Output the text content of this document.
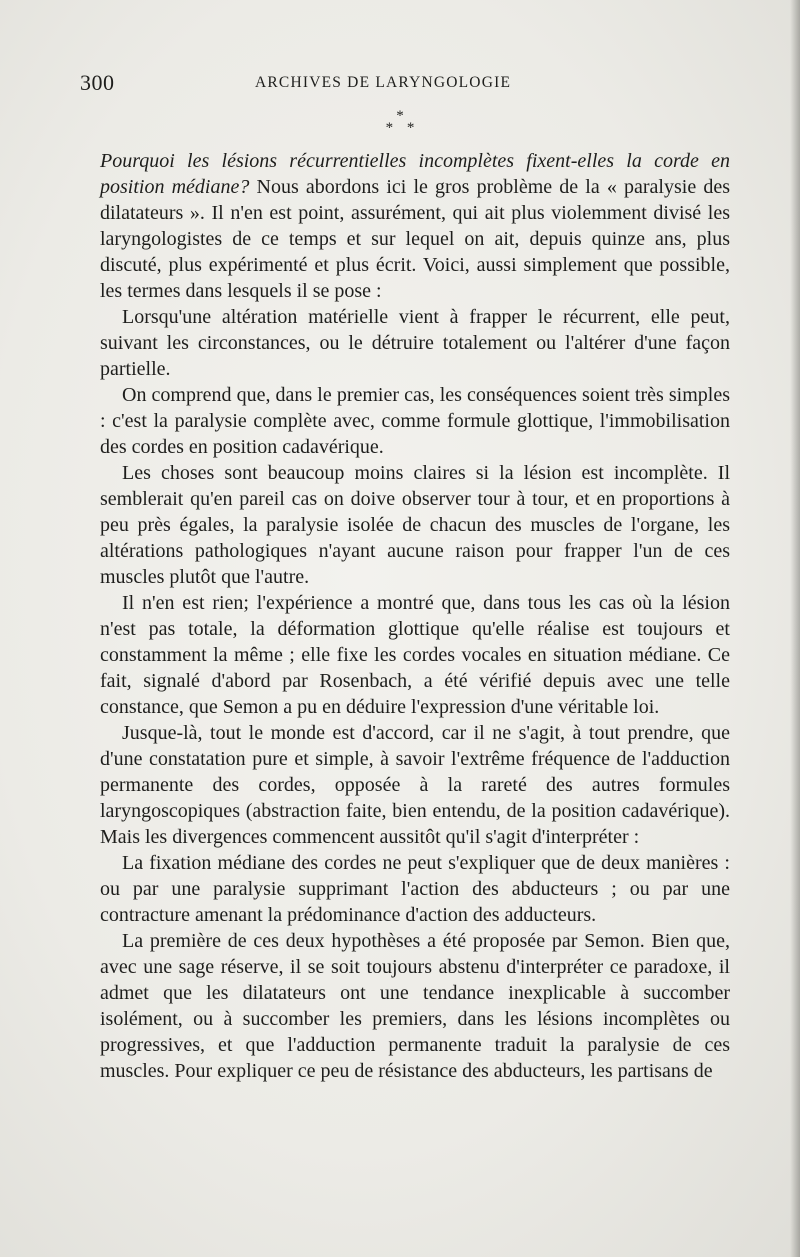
300	ARCHIVES DE LARYNGOLOGIE
*
* *

Pourquoi les lésions récurrentielles incomplètes fixent-elles la corde en position médiane? Nous abordons ici le gros problème de la « paralysie des dilatateurs ». Il n'en est point, assurément, qui ait plus violemment divisé les laryngologistes de ce temps et sur lequel on ait, depuis quinze ans, plus discuté, plus expérimenté et plus écrit. Voici, aussi simplement que possible, les termes dans lesquels il se pose :

Lorsqu'une altération matérielle vient à frapper le récurrent, elle peut, suivant les circonstances, ou le détruire totalement ou l'altérer d'une façon partielle.

On comprend que, dans le premier cas, les conséquences soient très simples : c'est la paralysie complète avec, comme formule glottique, l'immobilisation des cordes en position cadavérique.

Les choses sont beaucoup moins claires si la lésion est incomplète. Il semblerait qu'en pareil cas on doive observer tour à tour, et en proportions à peu près égales, la paralysie isolée de chacun des muscles de l'organe, les altérations pathologiques n'ayant aucune raison pour frapper l'un de ces muscles plutôt que l'autre.

Il n'en est rien; l'expérience a montré que, dans tous les cas où la lésion n'est pas totale, la déformation glottique qu'elle réalise est toujours et constamment la même ; elle fixe les cordes vocales en situation médiane. Ce fait, signalé d'abord par Rosenbach, a été vérifié depuis avec une telle constance, que Semon a pu en déduire l'expression d'une véritable loi.

Jusque-là, tout le monde est d'accord, car il ne s'agit, à tout prendre, que d'une constatation pure et simple, à savoir l'extrême fréquence de l'adduction permanente des cordes, opposée à la rareté des autres formules laryngoscopiques (abstraction faite, bien entendu, de la position cadavérique). Mais les divergences commencent aussitôt qu'il s'agit d'interpréter :

La fixation médiane des cordes ne peut s'expliquer que de deux manières : ou par une paralysie supprimant l'action des abducteurs ; ou par une contracture amenant la prédominance d'action des adducteurs.

La première de ces deux hypothèses a été proposée par Semon. Bien que, avec une sage réserve, il se soit toujours abstenu d'interpréter ce paradoxe, il admet que les dilatateurs ont une tendance inexplicable à succomber isolément, ou à succomber les premiers, dans les lésions incomplètes ou progressives, et que l'adduction permanente traduit la paralysie de ces muscles. Pour expliquer ce peu de résistance des abducteurs, les partisans de
